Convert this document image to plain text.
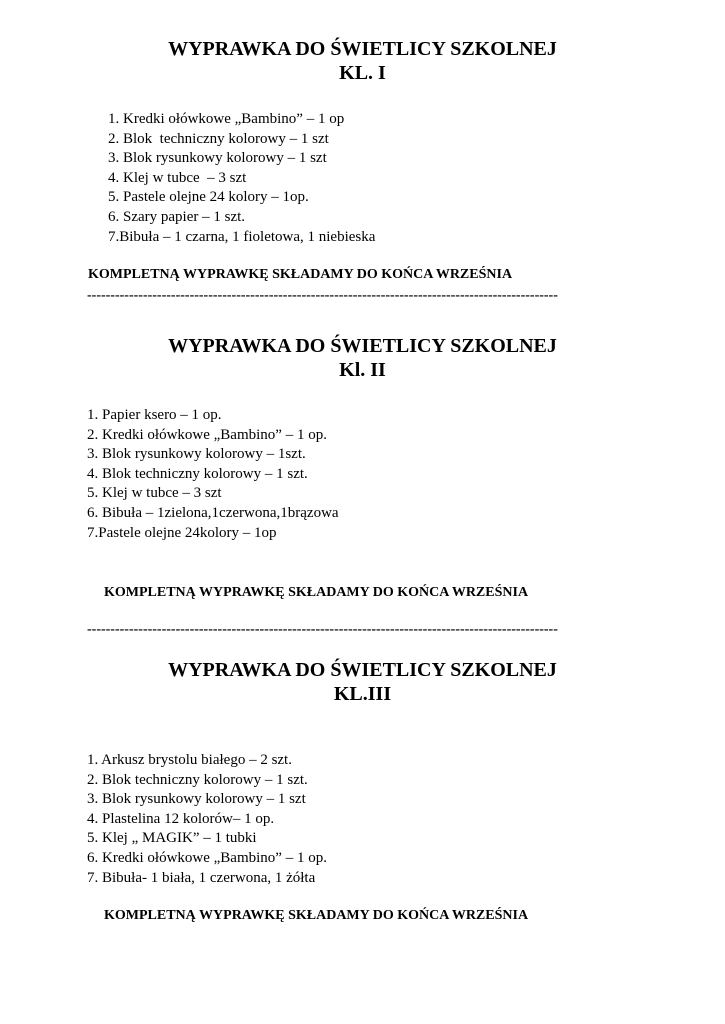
WYPRAWKA DO ŚWIETLICY SZKOLNEJ
KL. I
1. Kredki ołówkowe „Bambino” – 1 op
2. Blok  techniczny kolorowy – 1 szt
3. Blok rysunkowy kolorowy – 1 szt
4. Klej w tubce  – 3 szt
5. Pastele olejne 24 kolory – 1op.
6. Szary papier – 1 szt.
7.Bibuła – 1 czarna, 1 fioletowa, 1 niebieska

KOMPLETNĄ WYPRAWKĘ SKŁADAMY DO KOŃCA WRZEŚNIA

-----------------------------------------------------------------------------------------------------

WYPRAWKA DO ŚWIETLICY SZKOLNEJ
Kl. II
1. Papier ksero – 1 op.
2. Kredki ołówkowe „Bambino” – 1 op.
3. Blok rysunkowy kolorowy – 1szt.
4. Blok techniczny kolorowy – 1 szt.
5. Klej w tubce – 3 szt
6. Bibuła – 1zielona,1czerwona,1brązowa
7.Pastele olejne 24kolory – 1op

KOMPLETNĄ WYPRAWKĘ SKŁADAMY DO KOŃCA WRZEŚNIA

-----------------------------------------------------------------------------------------------------

WYPRAWKA DO ŚWIETLICY SZKOLNEJ
KL.III
1. Arkusz brystolu białego – 2 szt.
2. Blok techniczny kolorowy – 1 szt.
3. Blok rysunkowy kolorowy – 1 szt
4. Plastelina 12 kolorów– 1 op.
5. Klej „ MAGIK” – 1 tubki
6. Kredki ołówkowe „Bambino” – 1 op.
7. Bibuła- 1 biała, 1 czerwona, 1 żółta

KOMPLETNĄ WYPRAWKĘ SKŁADAMY DO KOŃCA WRZEŚNIA
